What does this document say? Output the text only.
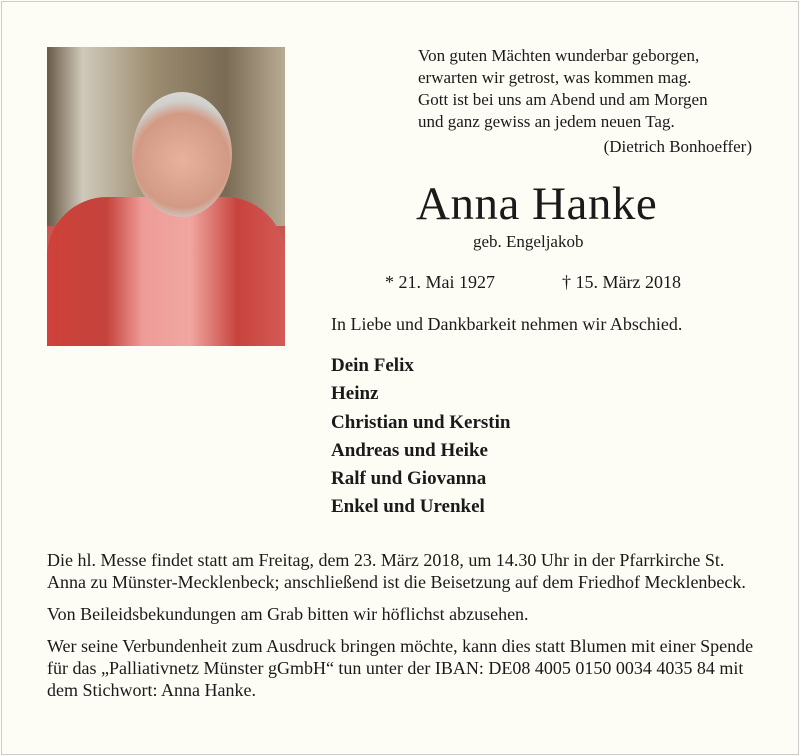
Von guten Mächten wunderbar geborgen,
erwarten wir getrost, was kommen mag.
Gott ist bei uns am Abend und am Morgen
und ganz gewiss an jedem neuen Tag.
(Dietrich Bonhoeffer)
Anna Hanke
geb. Engeljakob
* 21. Mai 1927	† 15. März 2018
In Liebe und Dankbarkeit nehmen wir Abschied.
Dein Felix
Heinz
Christian und Kerstin
Andreas und Heike
Ralf und Giovanna
Enkel und Urenkel

Die hl. Messe findet statt am Freitag, dem 23. März 2018, um 14.30 Uhr in der Pfarrkirche St. Anna zu Münster-Mecklenbeck; anschließend ist die Beisetzung auf dem Friedhof Mecklenbeck.

Von Beileidsbekundungen am Grab bitten wir höflichst abzusehen.

Wer seine Verbundenheit zum Ausdruck bringen möchte, kann dies statt Blumen mit einer Spende für das „Palliativnetz Münster gGmbH“ tun unter der IBAN: DE08 4005 0150 0034 4035 84 mit dem Stichwort: Anna Hanke.
